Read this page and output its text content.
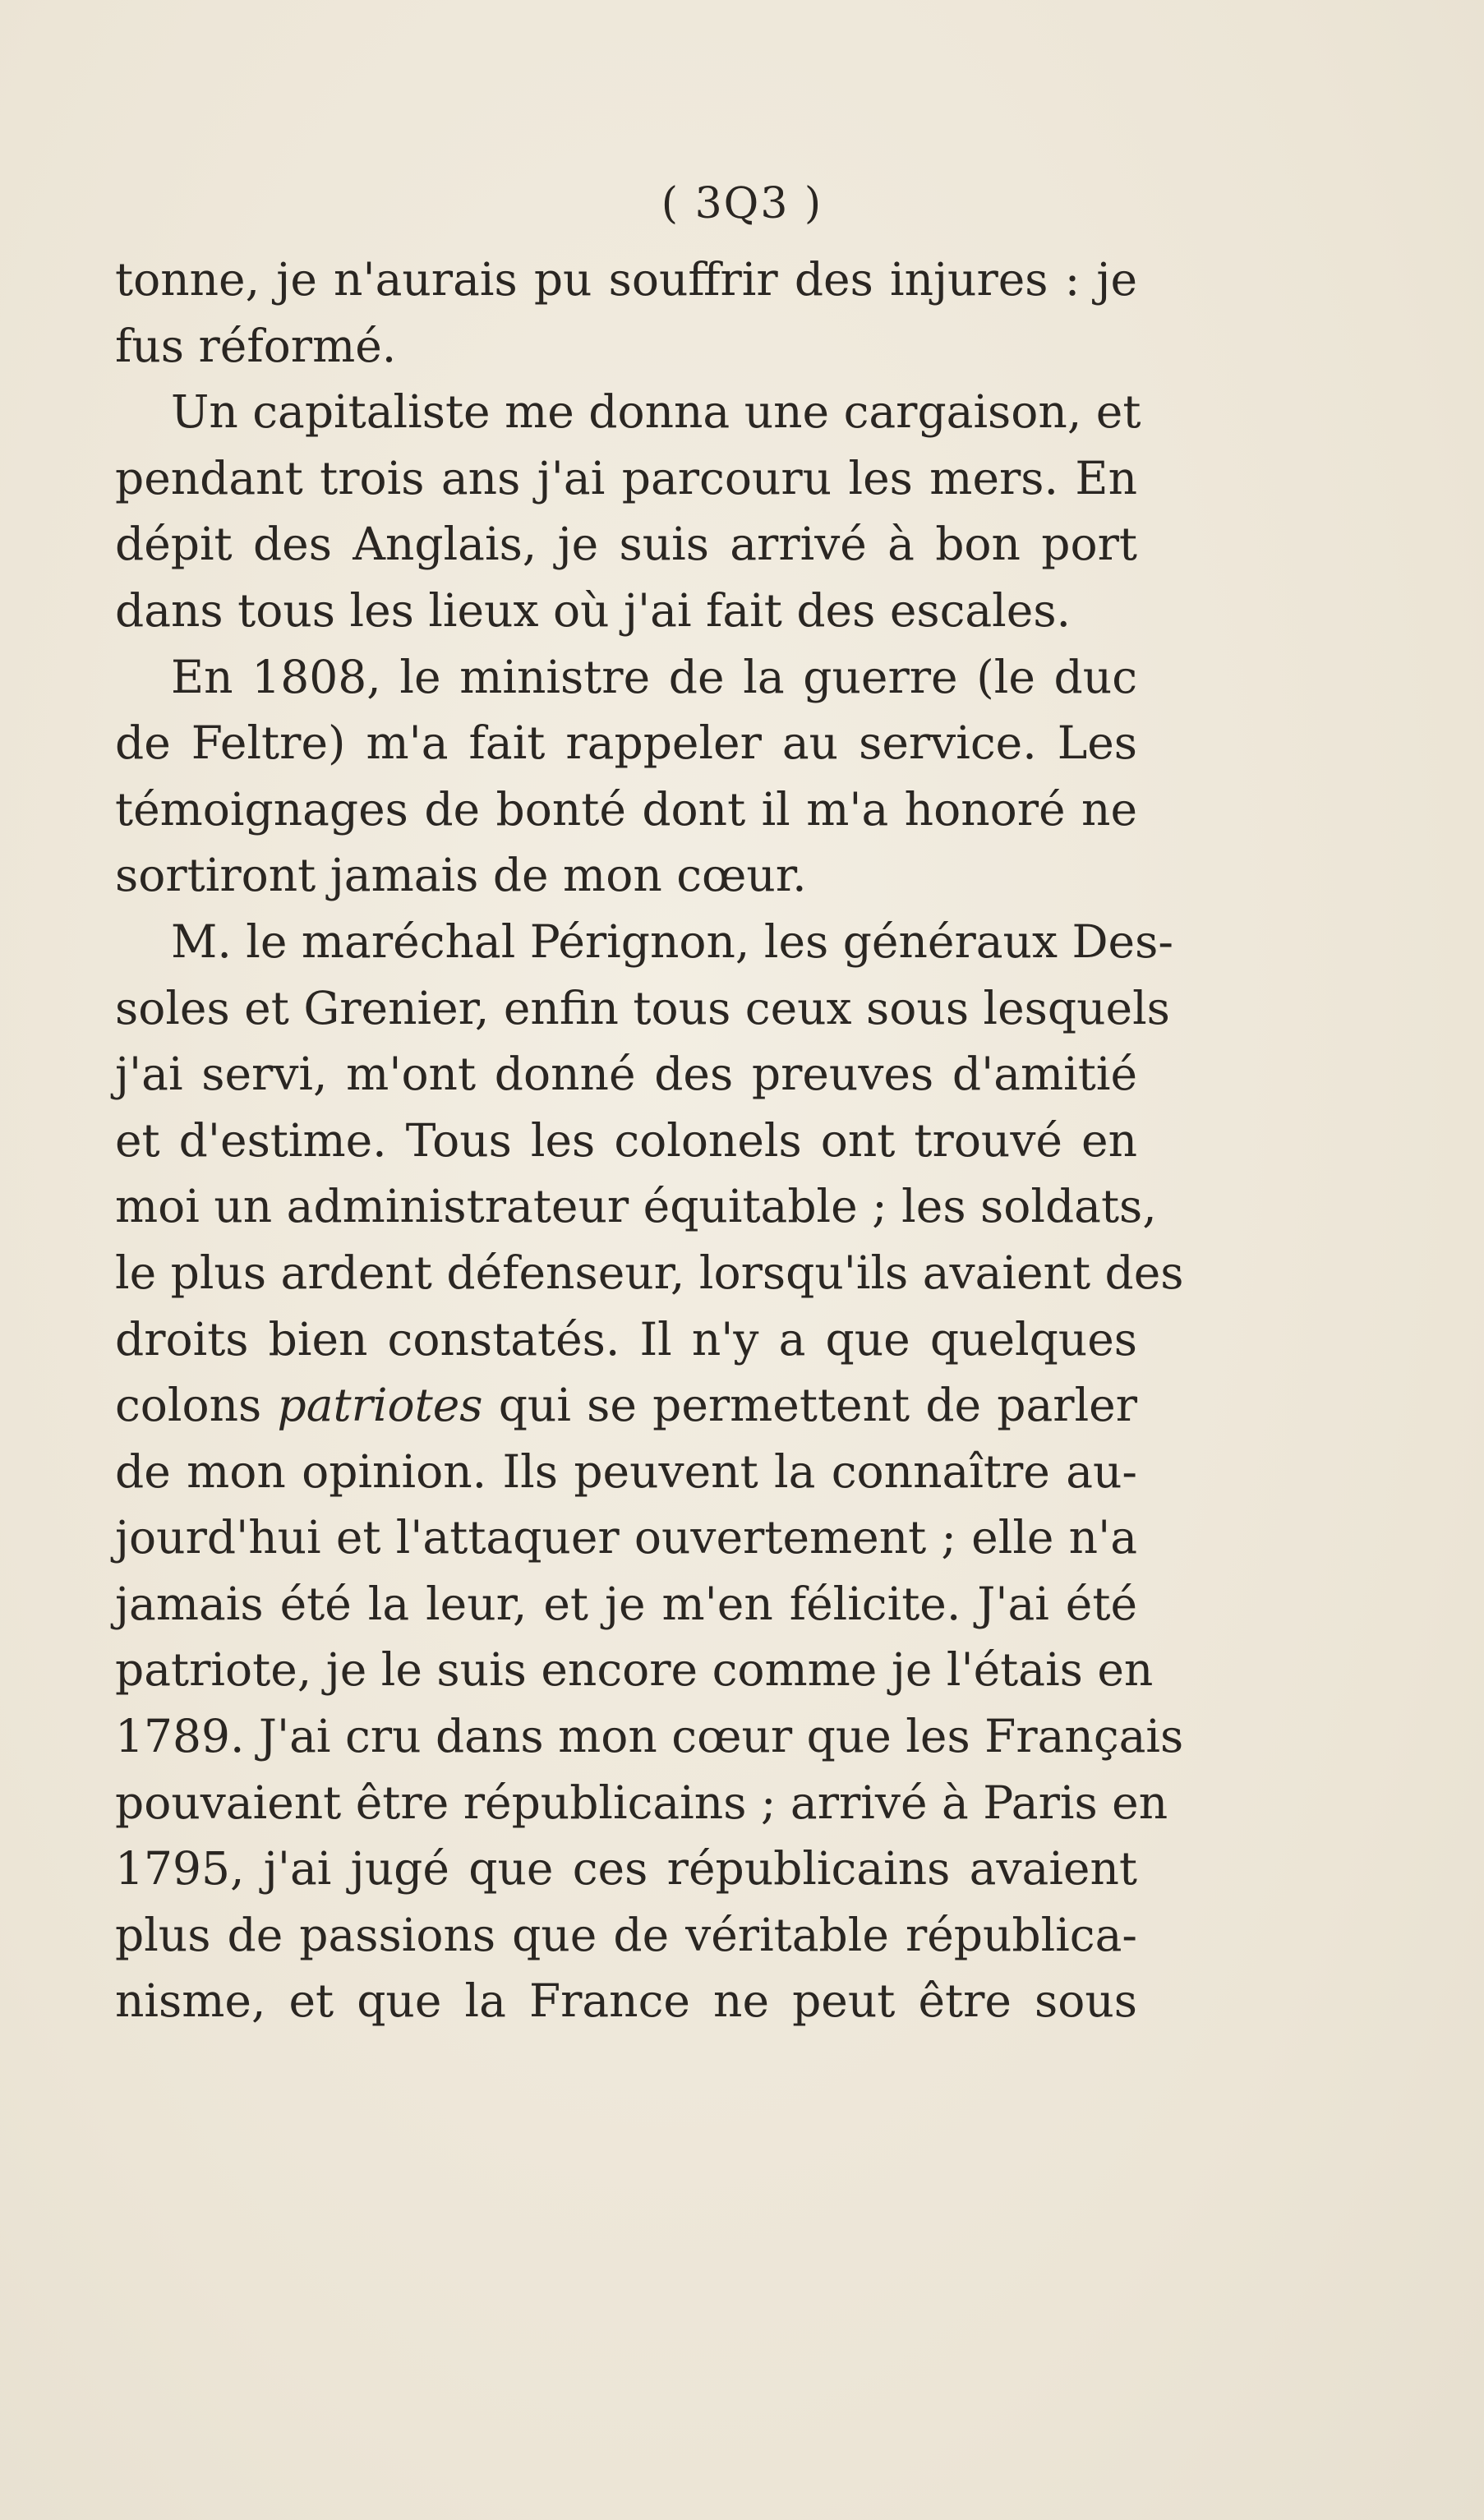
( 3Q3 )
tonne, je n'aurais pu souffrir des injures : je
fus réformé.
Un capitaliste me donna une cargaison, et
pendant trois ans j'ai parcouru les mers. En
dépit des Anglais, je suis arrivé à bon port
dans tous les lieux où j'ai fait des escales.
En 1808, le ministre de la guerre (le duc
de Feltre) m'a fait rappeler au service. Les
témoignages de bonté dont il m'a honoré ne
sortiront jamais de mon cœur.
M. le maréchal Pérignon, les généraux Des-
soles et Grenier, enfin tous ceux sous lesquels
j'ai servi, m'ont donné des preuves d'amitié
et d'estime. Tous les colonels ont trouvé en
moi un administrateur équitable ; les soldats,
le plus ardent défenseur, lorsqu'ils avaient des
droits bien constatés. Il n'y a que quelques
colons patriotes qui se permettent de parler
de mon opinion. Ils peuvent la connaître au-
jourd'hui et l'attaquer ouvertement ; elle n'a
jamais été la leur, et je m'en félicite. J'ai été
patriote, je le suis encore comme je l'étais en
1789. J'ai cru dans mon cœur que les Français
pouvaient être républicains ; arrivé à Paris en
1795, j'ai jugé que ces républicains avaient
plus de passions que de véritable républica-
nisme, et que la France ne peut être sous
